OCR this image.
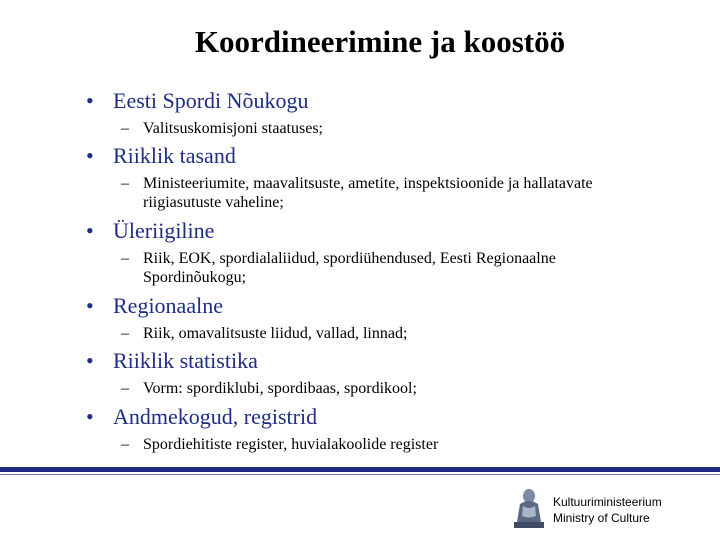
Koordineerimine ja koostöö
• Eesti Spordi Nõukogu
– Valitsuskomisjoni staatuses;
• Riiklik tasand
– Ministeeriumite, maavalitsuste, ametite, inspektsioonide ja hallatavate riigiasutuste vaheline;
• Üleriigiline
– Riik, EOK, spordialaliidud, spordiühendused, Eesti Regionaalne Spordinõukogu;
• Regionaalne
– Riik, omavalitsuste liidud, vallad, linnad;
• Riiklik statistika
– Vorm: spordiklubi, spordibaas, spordikool;
• Andmekogud, registrid
– Spordiehitiste register, huvialakoolide register
Kultuuriministeerium
Ministry of Culture
